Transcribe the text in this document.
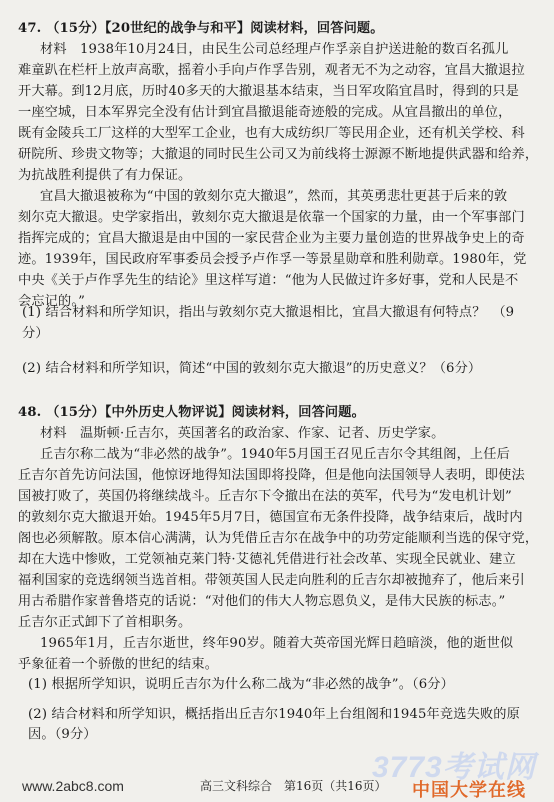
47. （15分）【20世纪的战争与和平】阅读材料，回答问题。
材料　1938年10月24日，由民生公司总经理卢作孚亲自护送进舱的数百名孤儿
难童趴在栏杆上放声高歌，摇着小手向卢作孚告别，观者无不为之动容，宜昌大撤退拉
开大幕。到12月底，历时40多天的大撤退基本结束，当日军攻陷宜昌时，得到的只是
一座空城，日本军界完全没有估计到宜昌撤退能奇迹般的完成。从宜昌撤出的单位，
既有金陵兵工厂这样的大型军工企业，也有大成纺织厂等民用企业，还有机关学校、科
研院所、珍贵文物等；大撤退的同时民生公司又为前线将士源源不断地提供武器和给养，
为抗战胜利提供了有力保证。
宜昌大撤退被称为“中国的敦刻尔克大撤退”，然而，其英勇悲壮更甚于后来的敦
刻尔克大撤退。史学家指出，敦刻尔克大撤退是依靠一个国家的力量，由一个军事部门
指挥完成的；宜昌大撤退是由中国的一家民营企业为主要力量创造的世界战争史上的奇
迹。1939年，国民政府军事委员会授予卢作孚一等景星勋章和胜利勋章。1980年，党
中央《关于卢作孚先生的结论》里这样写道：“他为人民做过许多好事，党和人民是不
会忘记的。”
(1) 结合材料和所学知识，指出与敦刻尔克大撤退相比，宜昌大撤退有何特点？　（9
分）
(2) 结合材料和所学知识，简述“中国的敦刻尔克大撤退”的历史意义？（6分）
48. （15分）【中外历史人物评说】阅读材料，回答问题。
材料　温斯顿·丘吉尔，英国著名的政治家、作家、记者、历史学家。
丘吉尔称二战为“非必然的战争”。1940年5月国王召见丘吉尔令其组阁，上任后
丘吉尔首先访问法国，他惊讶地得知法国即将投降，但是他向法国领导人表明，即使法
国被打败了，英国仍将继续战斗。丘吉尔下令撤出在法的英军，代号为“发电机计划”
的敦刻尔克大撤退开始。1945年5月7日，德国宣布无条件投降，战争结束后，战时内
阁也必须解散。原本信心满满，认为凭借丘吉尔在战争中的功劳定能顺利当选的保守党，
却在大选中惨败，工党领袖克莱门特·艾德礼凭借进行社会改革、实现全民就业、建立
福利国家的竞选纲领当选首相。带领英国人民走向胜利的丘吉尔却被抛弃了，他后来引
用古希腊作家普鲁塔克的话说：“对他们的伟大人物忘恩负义，是伟大民族的标志。”
丘吉尔正式卸下了首相职务。
1965年1月，丘吉尔逝世，终年90岁。随着大英帝国光辉日趋暗淡，他的逝世似
乎象征着一个骄傲的世纪的结束。
(1) 根据所学知识，说明丘吉尔为什么称二战为“非必然的战争”。（6分）
(2) 结合材料和所学知识，概括指出丘吉尔1940年上台组阁和1945年竞选失败的原
因。（9分）
www.2abc8.com	高三文科综合　第16页（共16页）
3773考试网
中国大学在线
